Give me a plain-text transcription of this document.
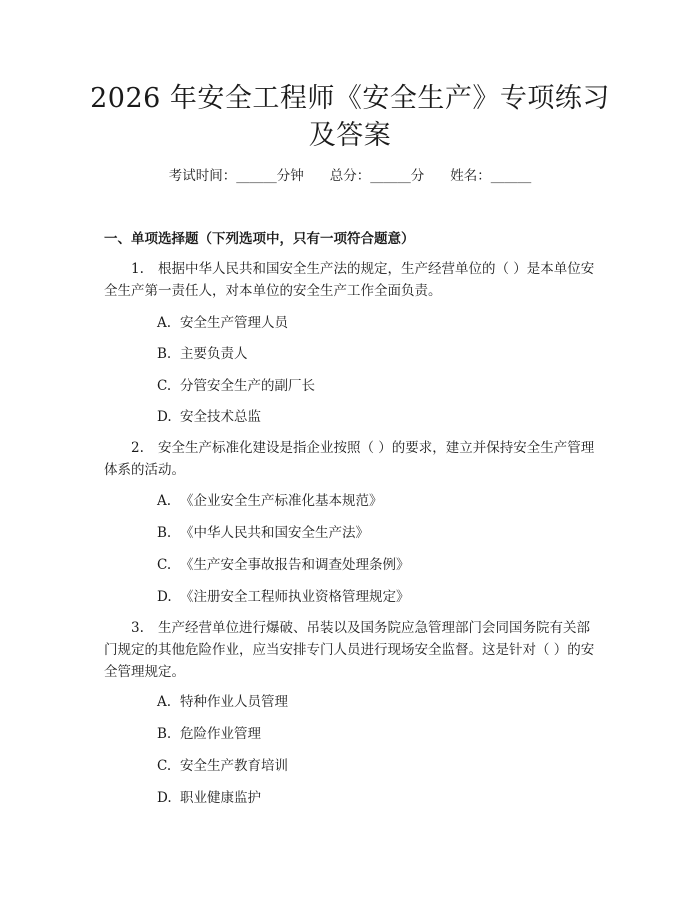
2026 年安全工程师《安全生产》专项练习及答案
考试时间：______分钟 总分：______分 姓名：______
一、单项选择题（下列选项中，只有一项符合题意）
1. 根据中华人民共和国安全生产法的规定，生产经营单位的（ ）是本单位安全生产第一责任人，对本单位的安全生产工作全面负责。
A. 安全生产管理人员
B. 主要负责人
C. 分管安全生产的副厂长
D. 安全技术总监
2. 安全生产标准化建设是指企业按照（ ）的要求，建立并保持安全生产管理体系的活动。
A. 《企业安全生产标准化基本规范》
B. 《中华人民共和国安全生产法》
C. 《生产安全事故报告和调查处理条例》
D. 《注册安全工程师执业资格管理规定》
3. 生产经营单位进行爆破、吊装以及国务院应急管理部门会同国务院有关部门规定的其他危险作业，应当安排专门人员进行现场安全监督。这是针对（ ）的安全管理规定。
A. 特种作业人员管理
B. 危险作业管理
C. 安全生产教育培训
D. 职业健康监护
